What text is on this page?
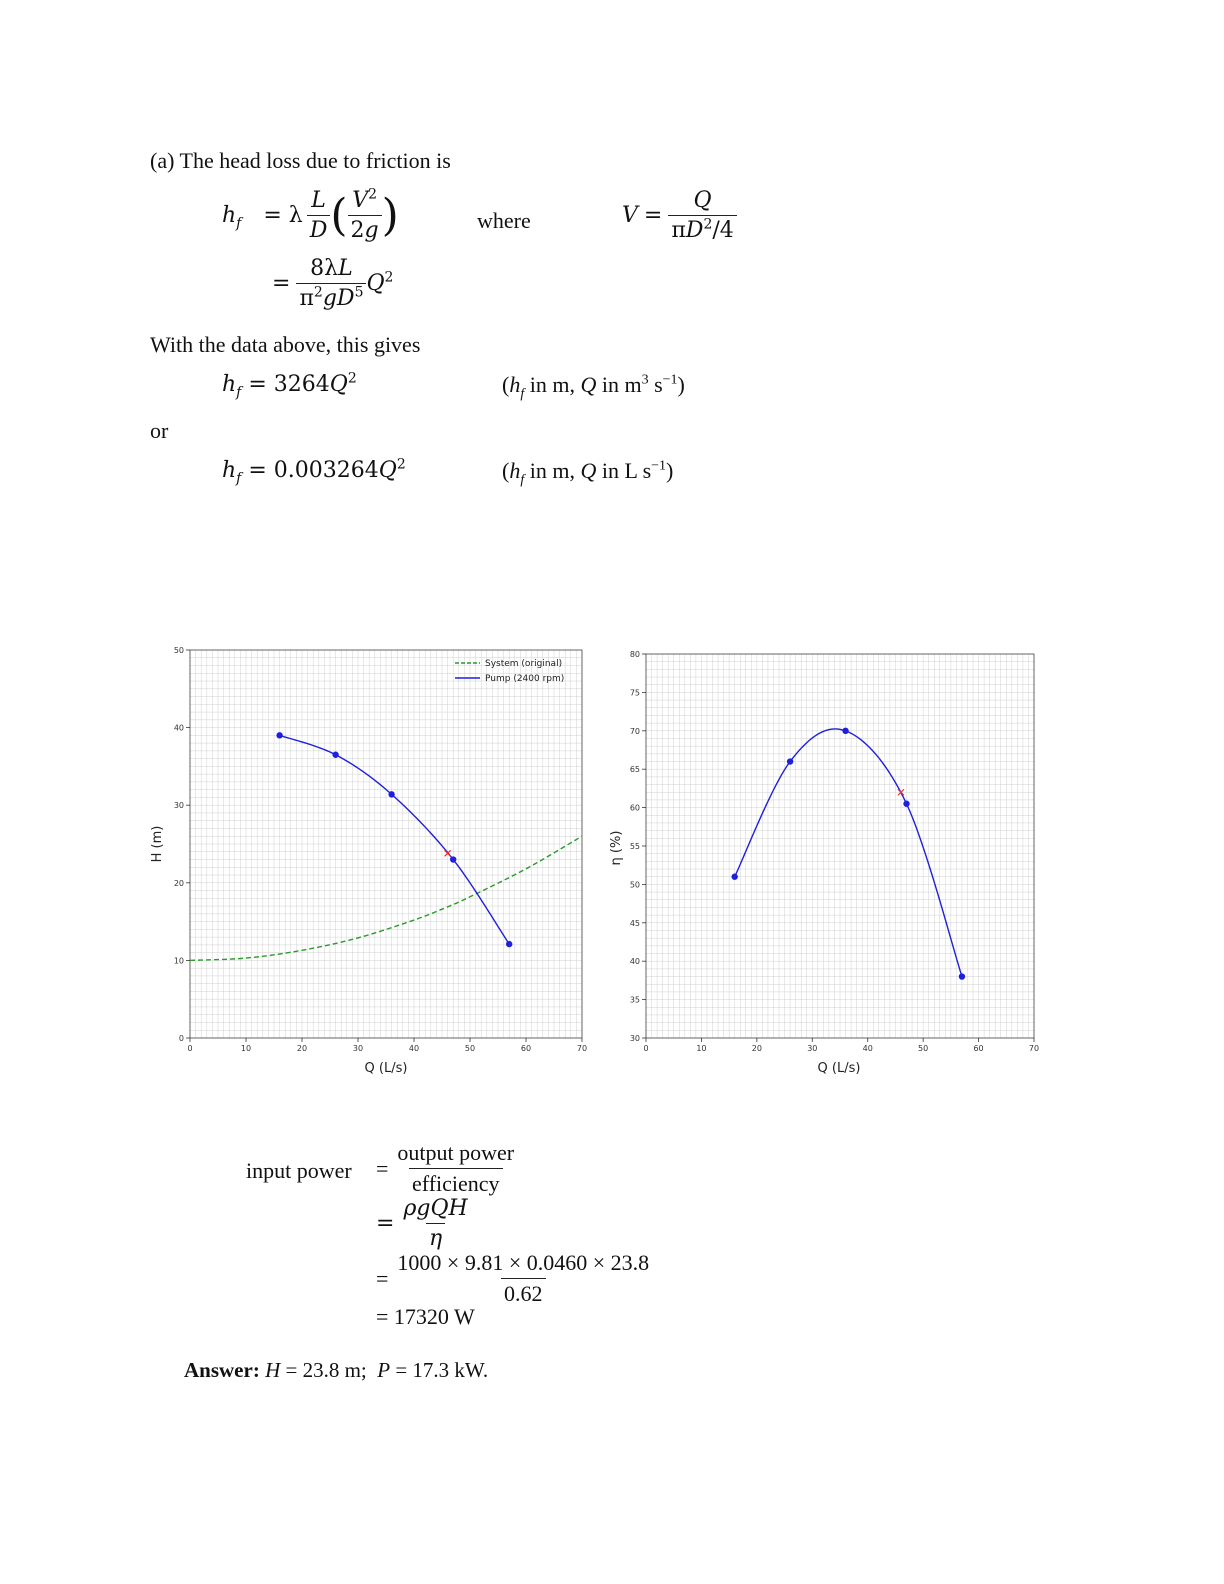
(a) The head loss due to friction is
$h_f = \lambda \frac{L}{D}$ ( $\frac{V^2}{2g}$ )	where	$V = \frac{Q}{\pi D^2/4}$
= $\frac{8\lambda L}{\pi^2gD^5} Q^2$
With the data above, this gives
$h_f = 3264Q^2$	($h_f$ in m, Q in $m^3$ $s^{-1}$)
or
$h_f = 0.003264Q^2$	($h_f$ in m, Q in L $s^{-1}$)
0	10	20	30	40	50	60	70
0
10
20
30
40
50
System (original)
Pump (2400 rpm)
Q (L/s)
H (m)
0	10	20	30	40	50	60	70
30
35
40
45
50
55
60
65
70
75
80
Q (L/s)
η (%)
input power = $\frac{\text{output power}}{\text{efficiency}}$
= $\frac{\text{ρgQH}}{\eta}$
= $\frac{1000 \times 9.81 \times 0.0460 \times 23.8}{0.62}$
= 17320 W
Answer: H = 23.8 m; P = 17.3 kW.
